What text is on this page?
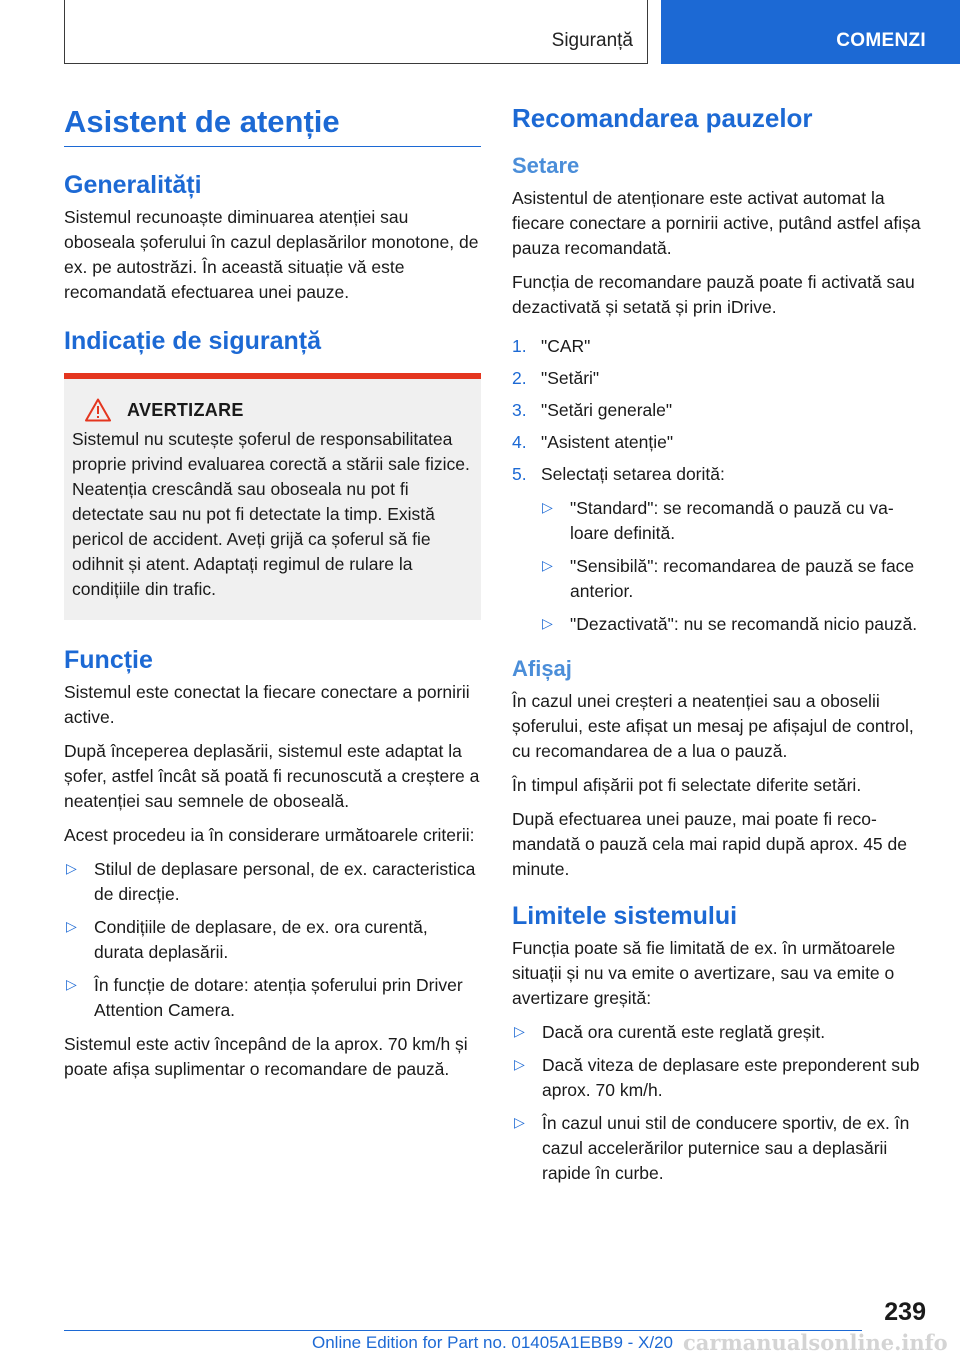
Siguranță	COMENZI
Asistent de atenție
Generalități

Sistemul recunoaște diminuarea atenției sau oboseala șoferului în cazul deplasărilor monotone, de ex. pe autostrăzi. În această situație vă este recomandată efectuarea unei pauze.

Indicație de siguranță
AVERTIZARE

Sistemul nu scutește șoferul de responsabilitatea proprie privind evaluarea corectă a stării sale fizice. Neatenția crescândă sau oboseala nu pot fi detectate sau nu pot fi detectate la timp. Există pericol de accident. Aveți grijă ca șoferul să fie odihnit și atent. Adaptați regimul de rulare la condițiile din trafic.

Funcție

Sistemul este conectat la fiecare conectare a pornirii active.

După începerea deplasării, sistemul este adaptat la șofer, astfel încât să poată fi recunoscută a creștere a neatenției sau semnele de oboseală.

Acest procedeu ia în considerare următoarele criterii:

▷ Stilul de deplasare personal, de ex. caracteristica de direcție.

▷ Condițiile de deplasare, de ex. ora curentă, durata deplasării.

▷ În funcție de dotare: atenția șoferului prin Driver Attention Camera.

Sistemul este activ începând de la aprox. 70 km/h și poate afișa suplimentar o recomandare de pauză.

Recomandarea pauzelor
Setare

Asistentul de atenționare este activat automat la fiecare conectare a pornirii active, putând astfel afișa pauza recomandată.

Funcția de recomandare pauză poate fi activată sau dezactivată și setată și prin iDrive.

1. "CAR"

2. "Setări"

3. "Setări generale"

4. "Asistent atenție"

5. Selectați setarea dorită:

▷ "Standard": se recomandă o pauză cu valoare definită.

▷ "Sensibilă": recomandarea de pauză se face anterior.

▷ "Dezactivată": nu se recomandă nicio pauză.

Afișaj

În cazul unei creșteri a neatenției sau a oboselii șoferului, este afișat un mesaj pe afișajul de control, cu recomandarea de a lua o pauză.

În timpul afișării pot fi selectate diferite setări.

După efectuarea unei pauze, mai poate fi recomandată o pauză cela mai rapid după aprox. 45 de minute.

Limitele sistemului

Funcția poate să fie limitată de ex. în următoarele situații și nu va emite o avertizare, sau va emite o avertizare greșită:

▷ Dacă ora curentă este reglată greșit.

▷ Dacă viteza de deplasare este preponderent sub aprox. 70 km/h.

▷ În cazul unui stil de conducere sportiv, de ex. în cazul accelerărilor puternice sau a deplasării rapide în curbe.

239
Online Edition for Part no. 01405A1EBB9 - X/20 carmanualsonline.info
